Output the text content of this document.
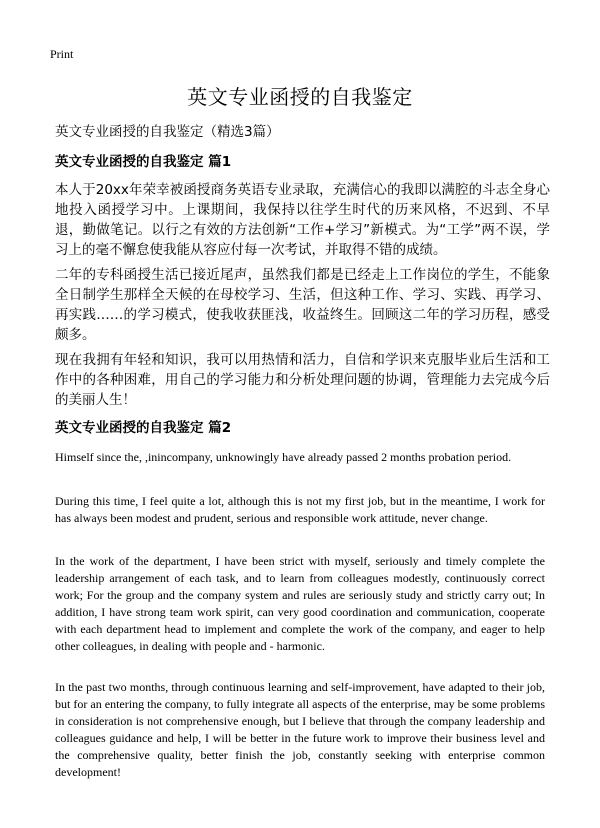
Print
英文专业函授的自我鉴定
英文专业函授的自我鉴定（精选3篇）
英文专业函授的自我鉴定 篇1
本人于20xx年荣幸被函授商务英语专业录取，充满信心的我即以满腔的斗志全身心地投入函授学习中。上课期间，我保持以往学生时代的历来风格，不迟到、不早退，勤做笔记。以行之有效的方法创新“工作+学习”新模式。为“工学”两不误，学习上的毫不懈怠使我能从容应付每一次考试，并取得不错的成绩。
二年的专科函授生活已接近尾声，虽然我们都是已经走上工作岗位的学生，不能象全日制学生那样全天候的在母校学习、生活，但这种工作、学习、实践、再学习、再实践……的学习模式，使我收获匪浅，收益终生。回顾这二年的学习历程，感受颇多。
现在我拥有年轻和知识，我可以用热情和活力，自信和学识来克服毕业后生活和工作中的各种困难，用自己的学习能力和分析处理问题的协调，管理能力去完成今后的美丽人生！
英文专业函授的自我鉴定 篇2
Himself since the, ,inincompany, unknowingly have already passed 2 months probation period.
During this time, I feel quite a lot, although this is not my first job, but in the meantime, I work for has always been modest and prudent, serious and responsible work attitude, never change.
In the work of the department, I have been strict with myself, seriously and timely complete the leadership arrangement of each task, and to learn from colleagues modestly, continuously correct work; For the group and the company system and rules are seriously study and strictly carry out; In addition, I have strong team work spirit, can very good coordination and communication, cooperate with each department head to implement and complete the work of the company, and eager to help other colleagues, in dealing with people and - harmonic.
In the past two months, through continuous learning and self-improvement, have adapted to their job, but for an entering the company, to fully integrate all aspects of the enterprise, may be some problems in consideration is not comprehensive enough, but I believe that through the company leadership and colleagues guidance and help, I will be better in the future work to improve their business level and the comprehensive quality, better finish the job, constantly seeking with enterprise common development!
